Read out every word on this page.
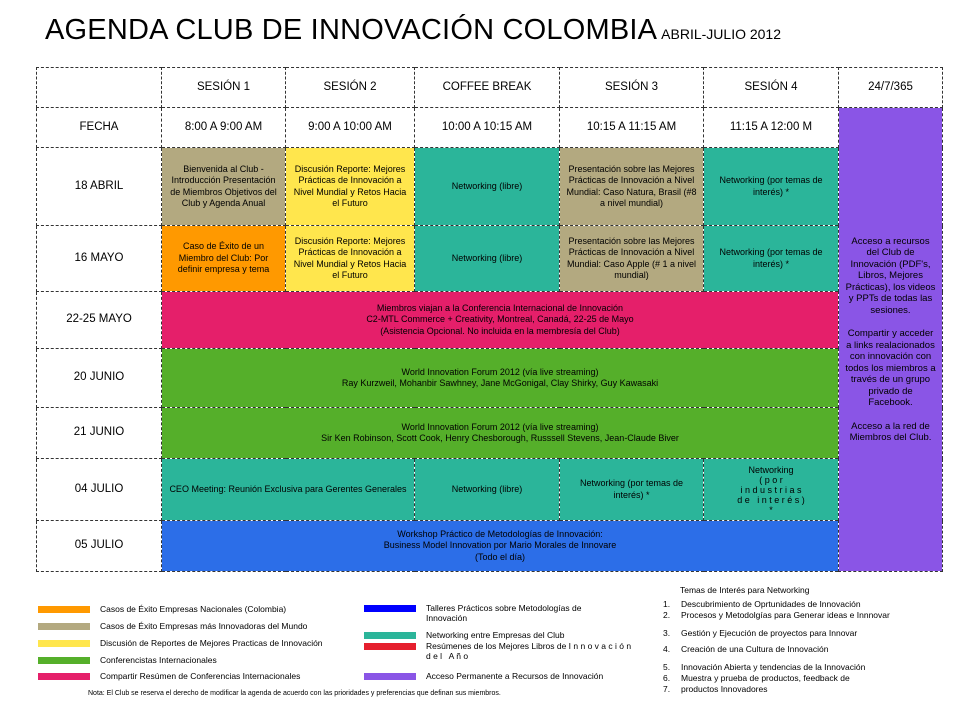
AGENDA CLUB DE INNOVACIÓN COLOMBIA ABRIL-JULIO 2012
	SESIÓN 1	SESIÓN 2	COFFEE BREAK	SESIÓN 3	SESIÓN 4	24/7/365
FECHA	8:00 A 9:00 AM	9:00 A 10:00 AM	10:00 A 10:15 AM	10:15 A 11:15 AM	11:15 A 12:00 M	Acceso a recursos del Club de Innovación (PDF's, Libros, Mejores Prácticas), los videos y PPTs de todas las sesiones.
Compartir y acceder a links realacionados con innovación con todos los miembros a través de un grupo privado de Facebook.
Acceso a la red de Miembros del Club.

18 ABRIL	Bienvenida al Club - Introducción Presentación de Miembros Objetivos del Club y Agenda Anual	Discusión Reporte: Mejores Prácticas de Innovación a Nivel Mundial y Retos Hacia el Futuro	Networking (libre)	Presentación sobre las Mejores Prácticas de Innovación a Nivel Mundial: Caso Natura, Brasil (#8 a nivel mundial)	Networking (por temas de interés) *	
16 MAYO	Caso de Éxito de un Miembro del Club: Por definir empresa y tema	Discusión Reporte: Mejores Prácticas de Innovación a Nivel Mundial y Retos Hacia el Futuro	Networking (libre)	Presentación sobre las Mejores Prácticas de Innovación a Nivel Mundial: Caso Apple (# 1 a nivel mundial)	Networking (por temas de interés) *	
22-25 MAYO	Miembros viajan a la Conferencia Internacional de Innovación
C2-MTL Commerce + Creativity, Montreal, Canadá, 22-25 de Mayo
(Asistencia Opcional. No incluida en la membresía del Club)					

20 JUNIO	World Innovation Forum 2012 (vía live streaming)
Ray Kurzweil, Mohanbir Sawhney, Jane McGonigal, Clay Shirky, Guy Kawasaki					

21 JUNIO	World Innovation Forum 2012 (vía live streaming)
Sir Ken Robinson, Scott Cook, Henry Chesborough, Russsell Stevens, Jean-Claude Biver					

04 JULIO	CEO Meeting: Reunión Exclusiva para Gerentes Generales		Networking (libre)	Networking (por temas de interés) *	Networking
( p o r
i n d u s t r i a s
d e   i n t e r é s )
*	

05 JULIO	Workshop Práctico de Metodologías de Innovación:
Business Model Innovation por Mario Morales de Innovare
(Todo el día)					
Casos de Éxito Empresas Nacionales (Colombia)
Casos de Éxito Empresas más Innovadoras del Mundo
Discusión de Reportes de Mejores Practicas de Innovación
Conferencistas Internacionales
Compartir Resúmen de Conferencias Internacionales
Talleres Prácticos sobre Metodologías de
Innovación
Networking entre Empresas del Club
Resúmenes de los Mejores Libros de I n n o v a c i ó n
d e l   A ñ o
Acceso Permanente a Recursos de Innovación
Temas de Interés para Networking
1.	Descubrimiento de Oprtunidades de Innovación
2.	Procesos y Metodolgías para Generar ideas e Innnovar
3.	Gestión y Ejecución de proyectos para Innovar
4.	Creación de una Cultura de Innovación
5.	Innovación Abierta y tendencias de la Innovación
6.	Muestra y prueba de productos, feedback de
7.	productos Innovadores
Nota: El Club se reserva el derecho de modificar la agenda de acuerdo con las prioridades y preferencias que definan sus miembros.
